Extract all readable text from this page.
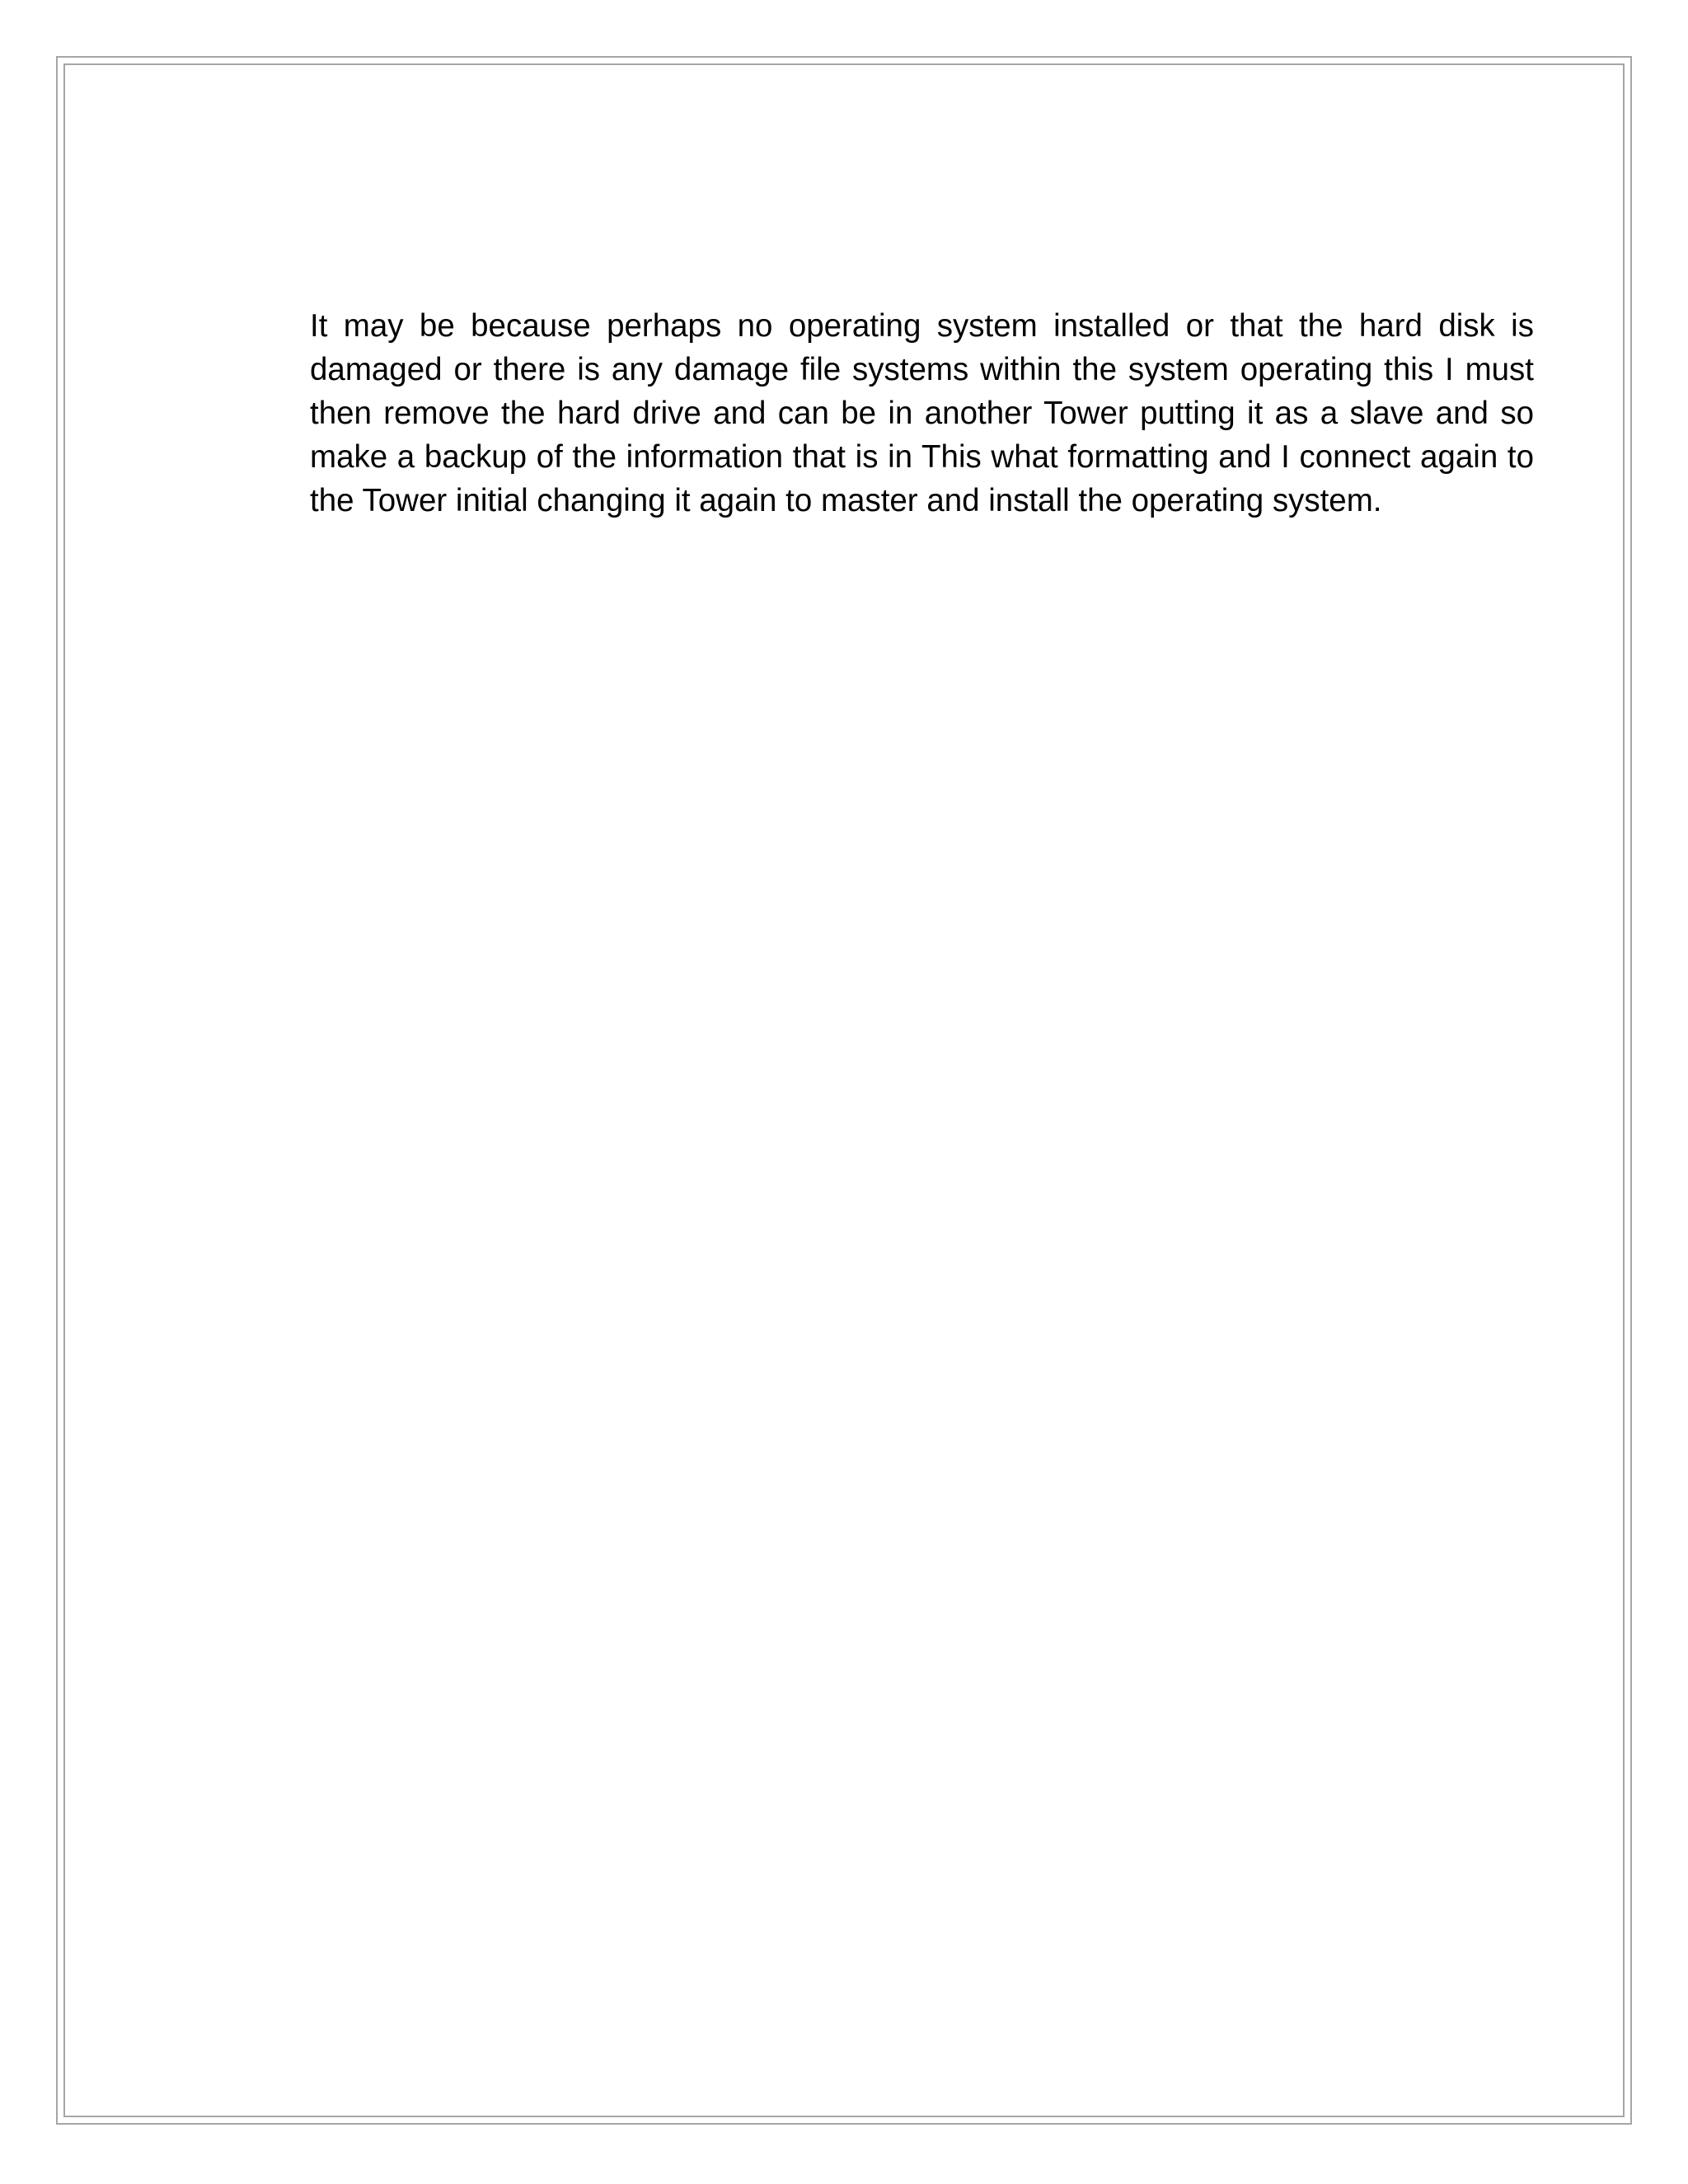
It may be because perhaps no operating system installed or that the hard disk is damaged or there is any damage file systems within the system operating this I must then remove the hard drive and can be in another Tower putting it as a slave and so make a backup of the information that is in This what formatting and I connect again to the Tower initial changing it again to master and install the operating system.
